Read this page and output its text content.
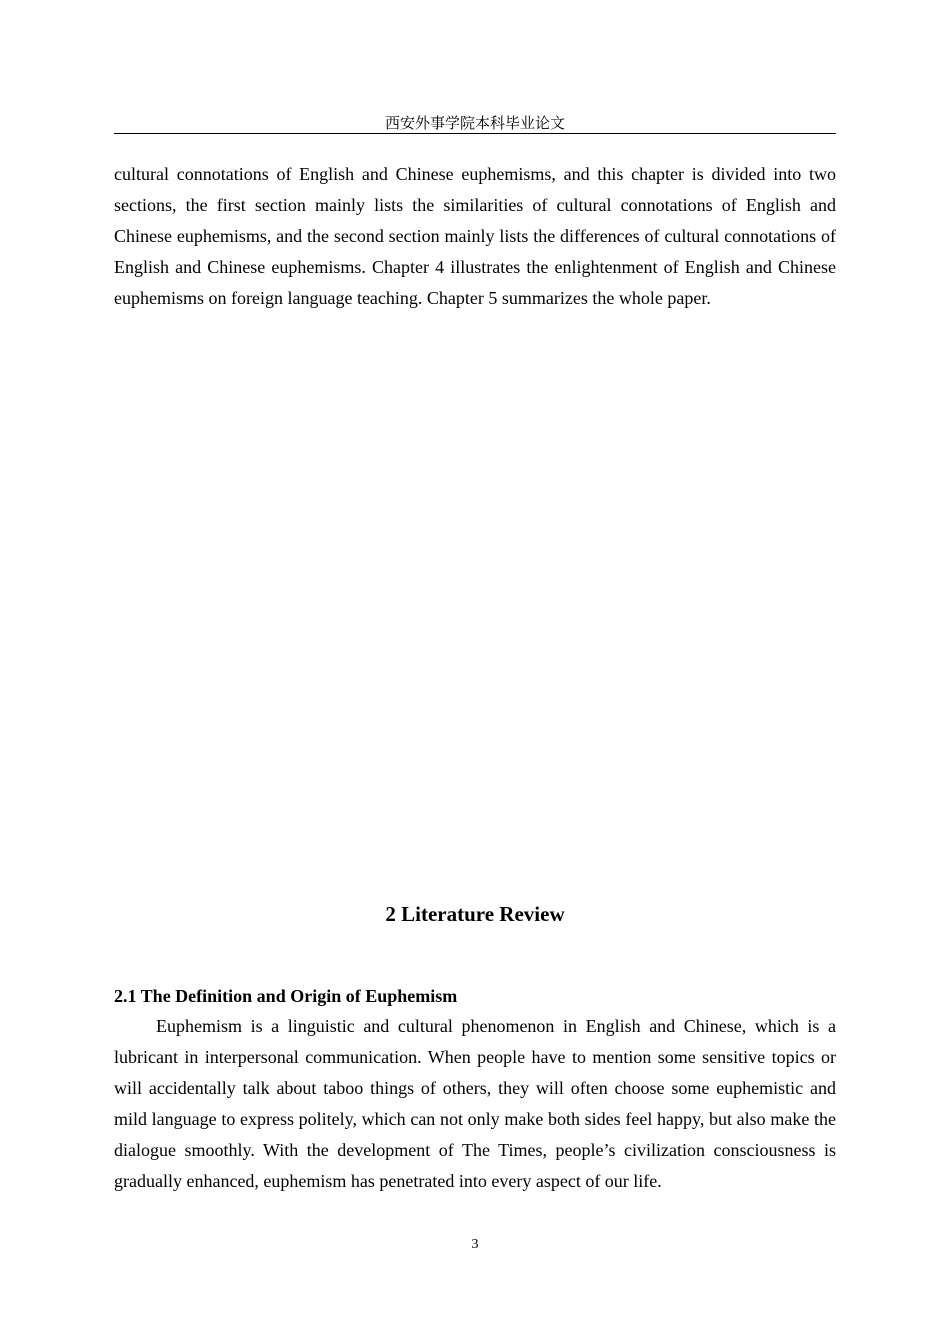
西安外事学院本科毕业论文

cultural connotations of English and Chinese euphemisms, and this chapter is divided into two sections, the first section mainly lists the similarities of cultural connotations of English and Chinese euphemisms, and the second section mainly lists the differences of cultural connotations of English and Chinese euphemisms. Chapter 4 illustrates the enlightenment of English and Chinese euphemisms on foreign language teaching. Chapter 5 summarizes the whole paper.

2 Literature Review
2.1 The Definition and Origin of Euphemism

Euphemism is a linguistic and cultural phenomenon in English and Chinese, which is a lubricant in interpersonal communication. When people have to mention some sensitive topics or will accidentally talk about taboo things of others, they will often choose some euphemistic and mild language to express politely, which can not only make both sides feel happy, but also make the dialogue smoothly. With the development of The Times, people’s civilization consciousness is gradually enhanced, euphemism has penetrated into every aspect of our life.

3
